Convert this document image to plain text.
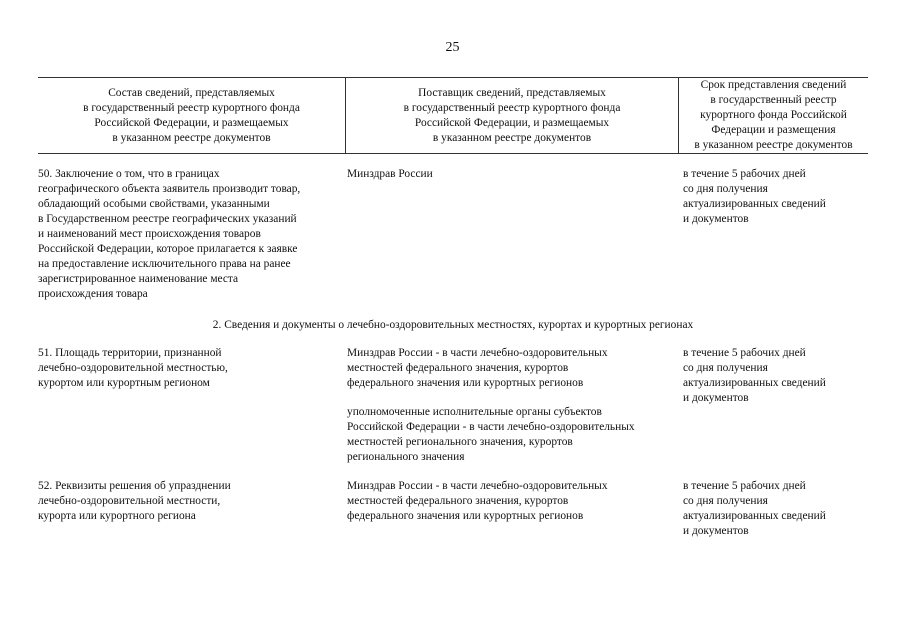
25
Состав сведений, представляемых
в государственный реестр курортного фонда
Российской Федерации, и размещаемых
в указанном реестре документов
Поставщик сведений, представляемых
в государственный реестр курортного фонда
Российской Федерации, и размещаемых
в указанном реестре документов
Срок представления сведений
в государственный реестр
курортного фонда Российской
Федерации и размещения
в указанном реестре документов
50. Заключение о том, что в границах
географического объекта заявитель производит товар,
обладающий особыми свойствами, указанными
в Государственном реестре географических указаний
и наименований мест происхождения товаров
Российской Федерации, которое прилагается к заявке
на предоставление исключительного права на ранее
зарегистрированное наименование места
происхождения товара
Минздрав России	в течение 5 рабочих дней
со дня получения
актуализированных сведений
и документов
2. Сведения и документы о лечебно-оздоровительных местностях, курортах и курортных регионах
51. Площадь территории, признанной
лечебно-оздоровительной местностью,
курортом или курортным регионом
Минздрав России - в части лечебно-оздоровительных
местностей федерального значения, курортов
федерального значения или курортных регионов
уполномоченные исполнительные органы субъектов
Российской Федерации - в части лечебно-оздоровительных
местностей регионального значения, курортов
регионального значения
в течение 5 рабочих дней
со дня получения
актуализированных сведений
и документов
52. Реквизиты решения об упразднении
лечебно-оздоровительной местности,
курорта или курортного региона
Минздрав России - в части лечебно-оздоровительных
местностей федерального значения, курортов
федерального значения или курортных регионов
в течение 5 рабочих дней
со дня получения
актуализированных сведений
и документов
